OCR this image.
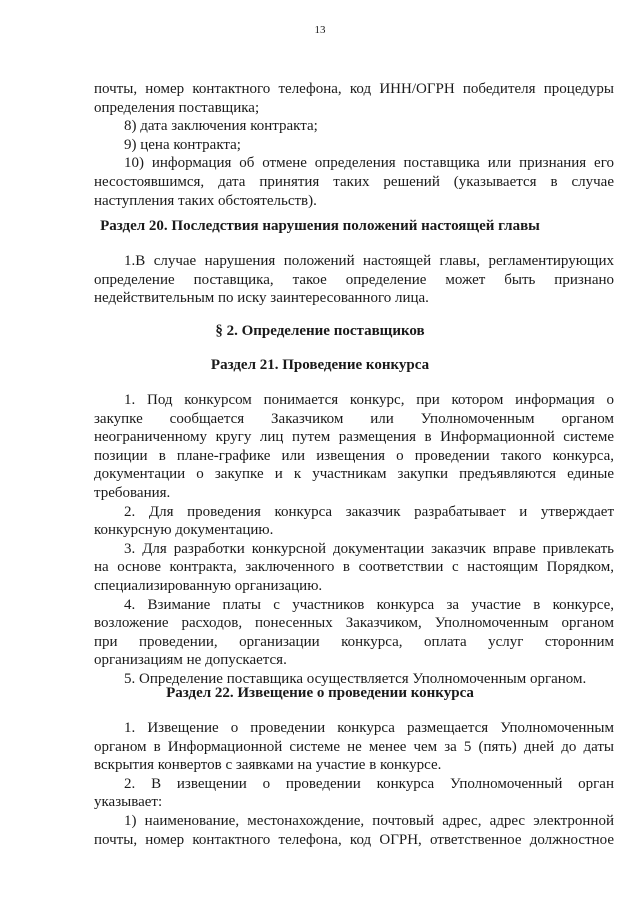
13
почты, номер контактного телефона, код ИНН/ОГРН победителя процедуры
определения поставщика;
8) дата заключения контракта;
9) цена контракта;
10) информация об отмене определения поставщика или признания его
несостоявшимся, дата принятия таких решений (указывается в случае
наступления таких обстоятельств).
Раздел 20. Последствия нарушения положений настоящей главы
1.В случае нарушения положений настоящей главы, регламентирующих
определение поставщика, такое определение может быть признано
недействительным по иску заинтересованного лица.
§ 2. Определение поставщиков
Раздел 21. Проведение конкурса
1. Под конкурсом понимается конкурс, при котором информация о
закупке сообщается Заказчиком или Уполномоченным органом
неограниченному кругу лиц путем размещения в Информационной системе
позиции в плане-графике или извещения о проведении такого конкурса,
документации о закупке и к участникам закупки предъявляются единые
требования.
2. Для проведения конкурса заказчик разрабатывает и утверждает
конкурсную документацию.
3. Для разработки конкурсной документации заказчик вправе привлекать
на основе контракта, заключенного в соответствии с настоящим Порядком,
специализированную организацию.
4. Взимание платы с участников конкурса за участие в конкурсе,
возложение расходов, понесенных Заказчиком, Уполномоченным органом
при проведении, организации конкурса, оплата услуг сторонним
организациям не допускается.
5. Определение поставщика осуществляется Уполномоченным органом.
Раздел 22. Извещение о проведении конкурса
1. Извещение о проведении конкурса размещается Уполномоченным
органом в Информационной системе не менее чем за 5 (пять) дней до даты
вскрытия конвертов с заявками на участие в конкурсе.
2. В извещении о проведении конкурса Уполномоченный орган
указывает:
1) наименование, местонахождение, почтовый адрес, адрес электронной
почты, номер контактного телефона, код ОГРН, ответственное должностное
